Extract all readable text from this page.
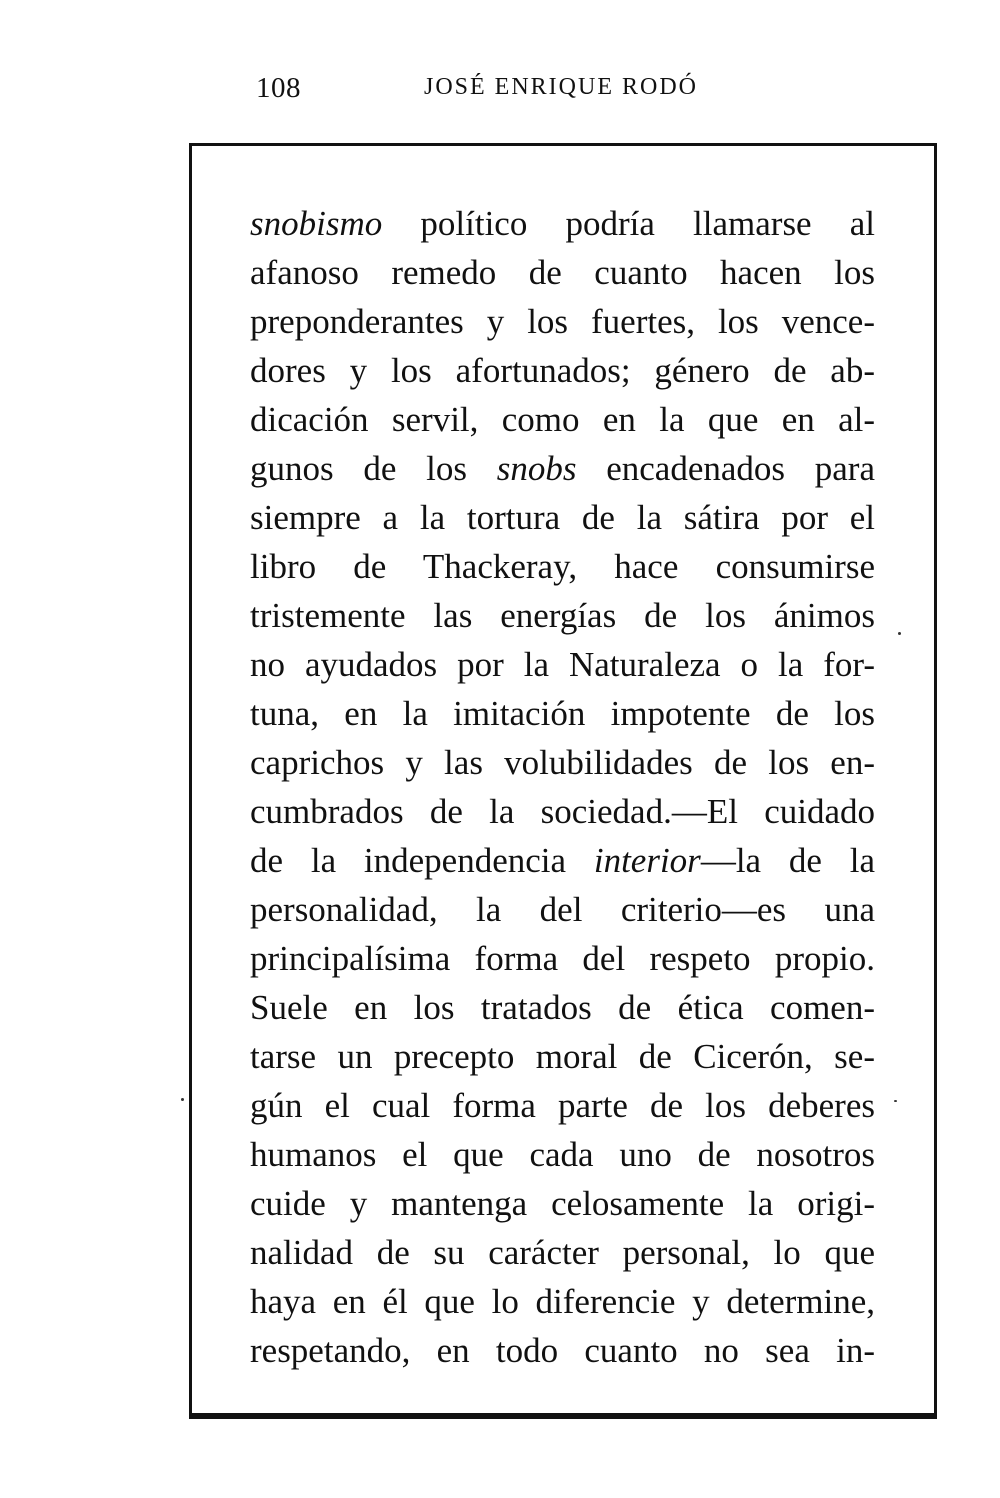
108	JOSÉ ENRIQUE RODÓ
snobismo político podría llamarse al
afanoso remedo de cuanto hacen los
preponderantes y los fuertes, los vence-
dores y los afortunados; género de ab-
dicación servil, como en la que en al-
gunos de los snobs encadenados para
siempre a la tortura de la sátira por el
libro de Thackeray, hace consumirse
tristemente las energías de los ánimos
no ayudados por la Naturaleza o la for-
tuna, en la imitación impotente de los
caprichos y las volubilidades de los en-
cumbrados de la sociedad.—El cuidado
de la independencia interior—la de la
personalidad, la del criterio—es una
principalísima forma del respeto propio.
Suele en los tratados de ética comen-
tarse un precepto moral de Cicerón, se-
gún el cual forma parte de los deberes
humanos el que cada uno de nosotros
cuide y mantenga celosamente la origi-
nalidad de su carácter personal, lo que
haya en él que lo diferencie y determine,
respetando, en todo cuanto no sea in-
